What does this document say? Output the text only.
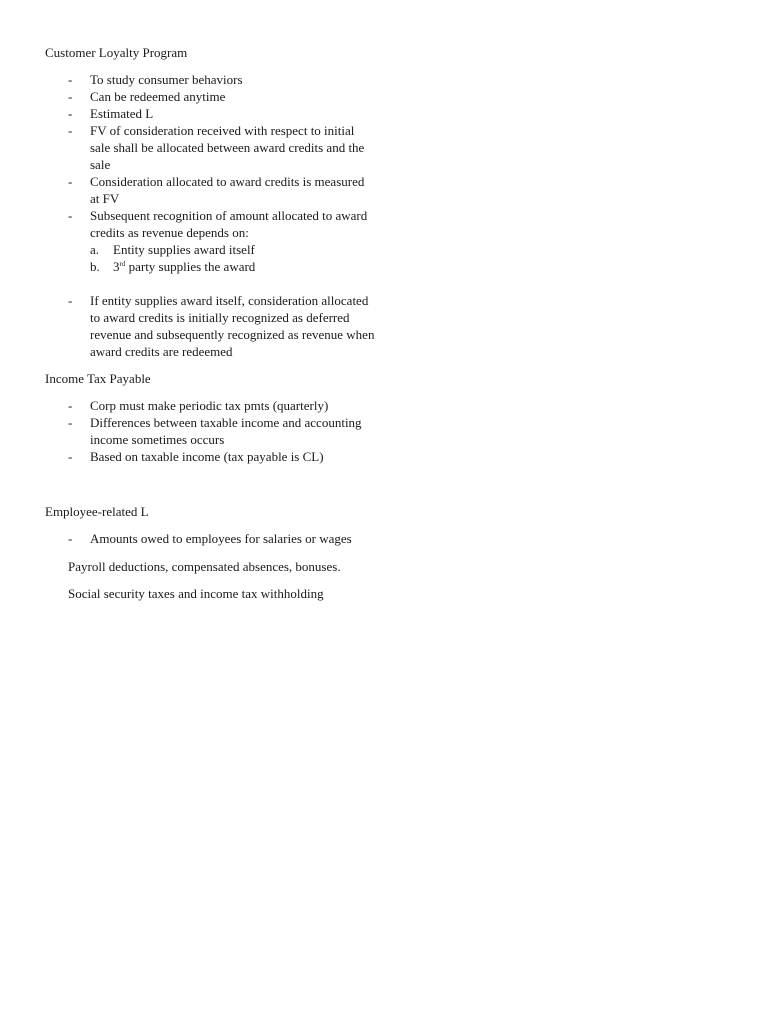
Customer Loyalty Program

- To study consumer behaviors
- Can be redeemed anytime
- Estimated L
- FV of consideration received with respect to initial sale shall be allocated between award credits and the sale
- Consideration allocated to award credits is measured at FV
- Subsequent recognition of amount allocated to award credits as revenue depends on:
a. Entity supplies award itself
b. 3rd party supplies the award
- If entity supplies award itself, consideration allocated to award credits is initially recognized as deferred revenue and subsequently recognized as revenue when award credits are redeemed

Income Tax Payable

- Corp must make periodic tax pmts (quarterly)
- Differences between taxable income and accounting income sometimes occurs
- Based on taxable income (tax payable is CL)

Employee-related L

- Amounts owed to employees for salaries or wages

Payroll deductions, compensated absences, bonuses.

Social security taxes and income tax withholding
